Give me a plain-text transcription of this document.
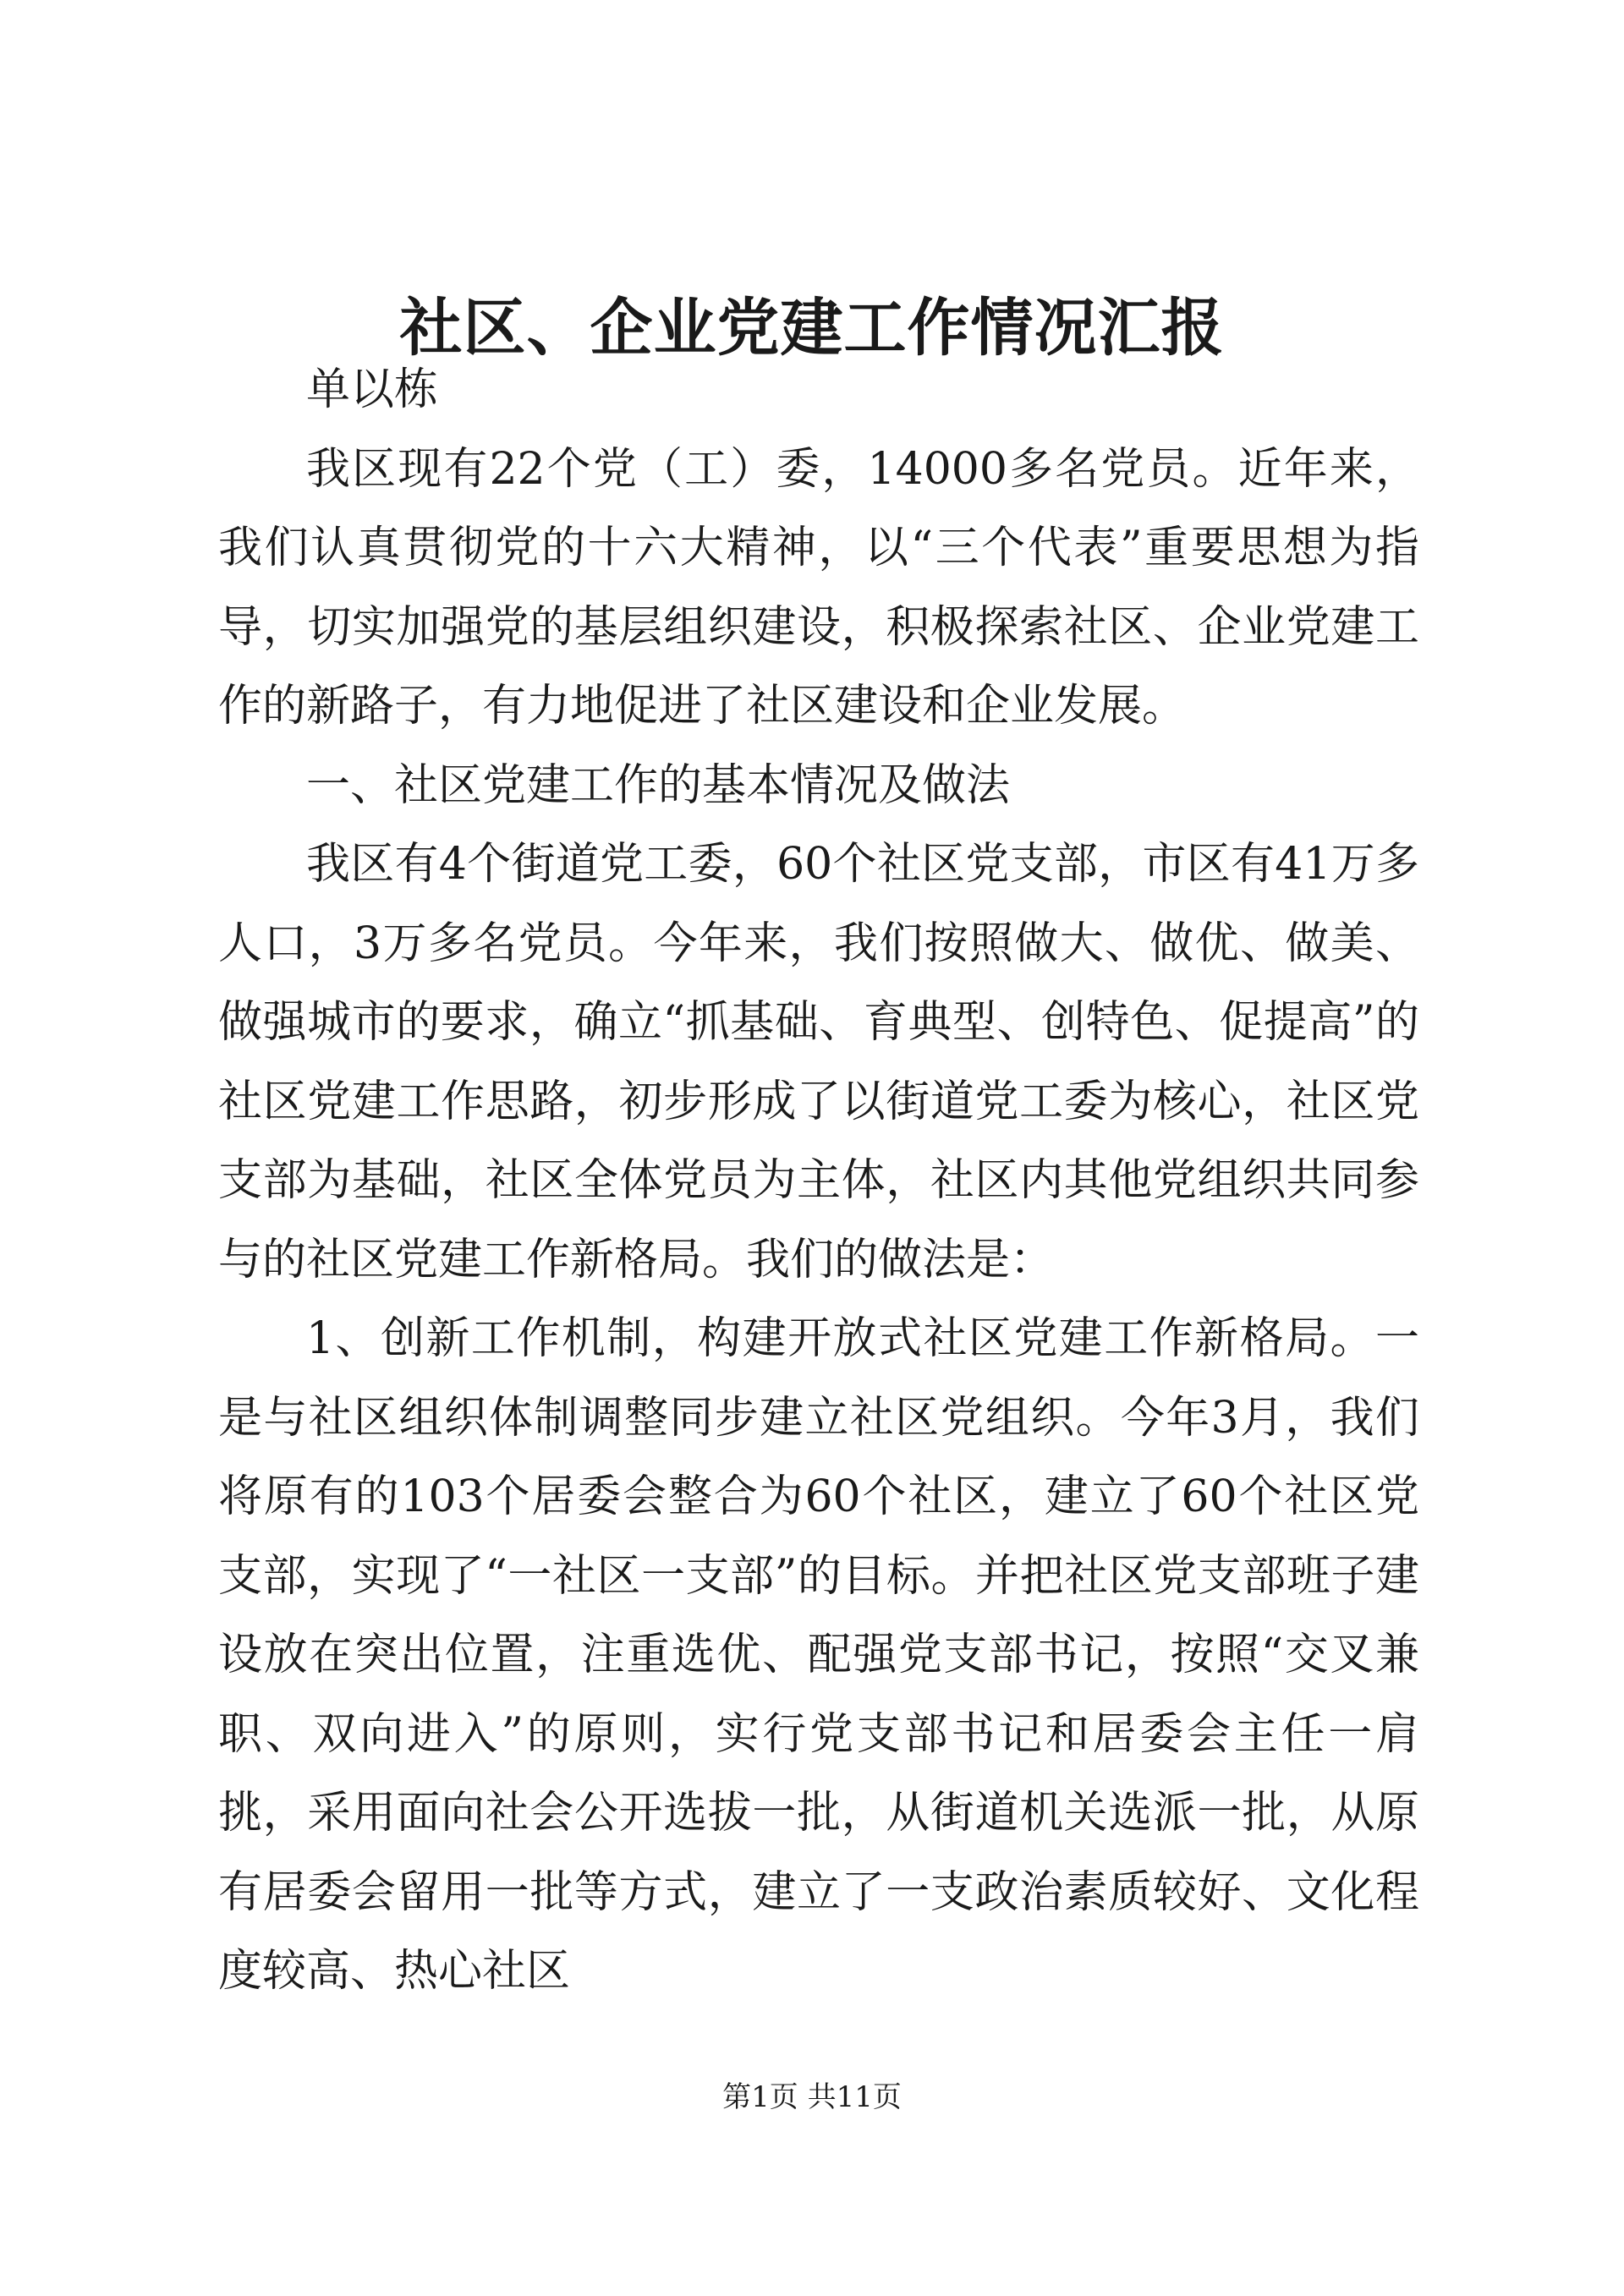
社区、企业党建工作情况汇报

单以栋

我区现有22个党（工）委，14000多名党员。近年来，我们认真贯彻党的十六大精神，以“三个代表”重要思想为指导，切实加强党的基层组织建设，积极探索社区、企业党建工作的新路子，有力地促进了社区建设和企业发展。

一、社区党建工作的基本情况及做法

我区有4个街道党工委，60个社区党支部，市区有41万多人口，3万多名党员。今年来，我们按照做大、做优、做美、做强城市的要求，确立“抓基础、育典型、创特色、促提高”的社区党建工作思路，初步形成了以街道党工委为核心，社区党支部为基础，社区全体党员为主体，社区内其他党组织共同参与的社区党建工作新格局。我们的做法是：

1、创新工作机制，构建开放式社区党建工作新格局。一是与社区组织体制调整同步建立社区党组织。今年3月，我们将原有的103个居委会整合为60个社区，建立了60个社区党支部，实现了“一社区一支部”的目标。并把社区党支部班子建设放在突出位置，注重选优、配强党支部书记，按照“交叉兼职、双向进入”的原则，实行党支部书记和居委会主任一肩挑，采用面向社会公开选拔一批，从街道机关选派一批，从原有居委会留用一批等方式，建立了一支政治素质较好、文化程度较高、热心社区

第1页 共11页
